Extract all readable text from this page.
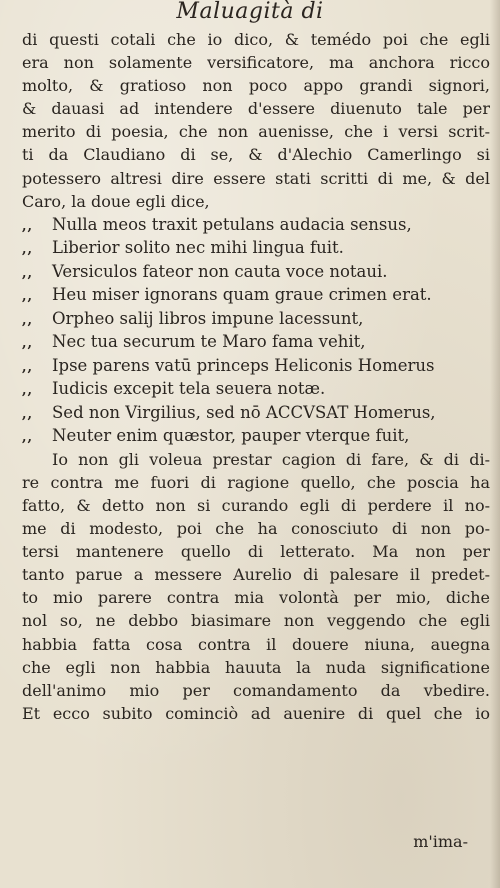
Maluagità di
di questi cotali che io dico, & temédo poi che egli
era non solamente versificatore, ma anchora ricco
molto, & gratioso non poco appo grandi signori,
& dauasi ad intendere d'essere diuenuto tale per
merito di poesia, che non auenisse, che i versi scrit-
ti da Claudiano di se, & d'Alechio Camerlingo si
potessero altresi dire essere stati scritti di me, & del
Caro, la doue egli dice,
,,	Nulla meos traxit petulans audacia sensus,
,,	Liberior solito nec mihi lingua fuit.
,,	Versiculos fateor non cauta voce notaui.
,,	Heu miser ignorans quam graue crimen erat.
,,	Orpheo salij libros impune lacessunt,
,,	Nec tua securum te Maro fama vehit,
,,	Ipse parens vatū princeps Heliconis Homerus
,,	Iudicis excepit tela seuera notæ.
,,	Sed non Virgilius, sed nō ACCVSAT Homerus,
,,	Neuter enim quæstor, pauper vterque fuit,
Io non gli voleua prestar cagion di fare, & di di-
re contra me fuori di ragione quello, che poscia ha
fatto, & detto non si curando egli di perdere il no-
me di modesto, poi che ha conosciuto di non po-
tersi mantenere quello di letterato. Ma non per
tanto parue a messere Aurelio di palesare il predet-
to mio parere contra mia volontà per mio, diche
nol so, ne debbo biasimare non veggendo che egli
habbia fatta cosa contra il douere niuna, auegna
che egli non habbia hauuta la nuda significatione
dell'animo mio per comandamento da vbedire.
Et ecco subito cominciò ad auenire di quel che io
m'ima-
